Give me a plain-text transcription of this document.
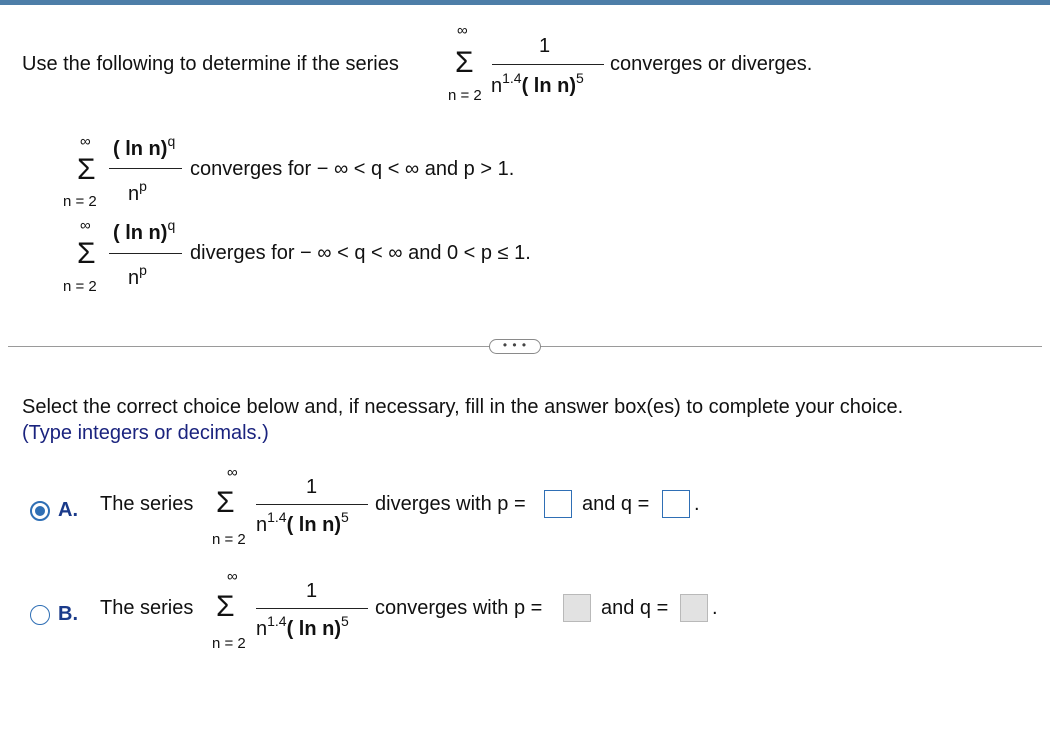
Use the following to determine if the series
∞
Σ
n = 2
1
$n^{1.4}$( ln n)$^5$
converges or diverges.
∞
Σ
n = 2
( ln n)$^q$
$n^p$
converges for − ∞ < q < ∞ and p > 1.
∞
Σ
n = 2
( ln n)$^q$
$n^p$
diverges for − ∞ < q < ∞ and 0 < p ≤ 1.
• • •
Select the correct choice below and, if necessary, fill in the answer box(es) to complete your choice.
(Type integers or decimals.)
A. The series
∞
Σ
n = 2
1
$n^{1.4}$( ln n)$^5$
diverges with p =	and q = .
B. The series
∞
Σ
n = 2
1
$n^{1.4}$( ln n)$^5$
converges with p =	and q = .
